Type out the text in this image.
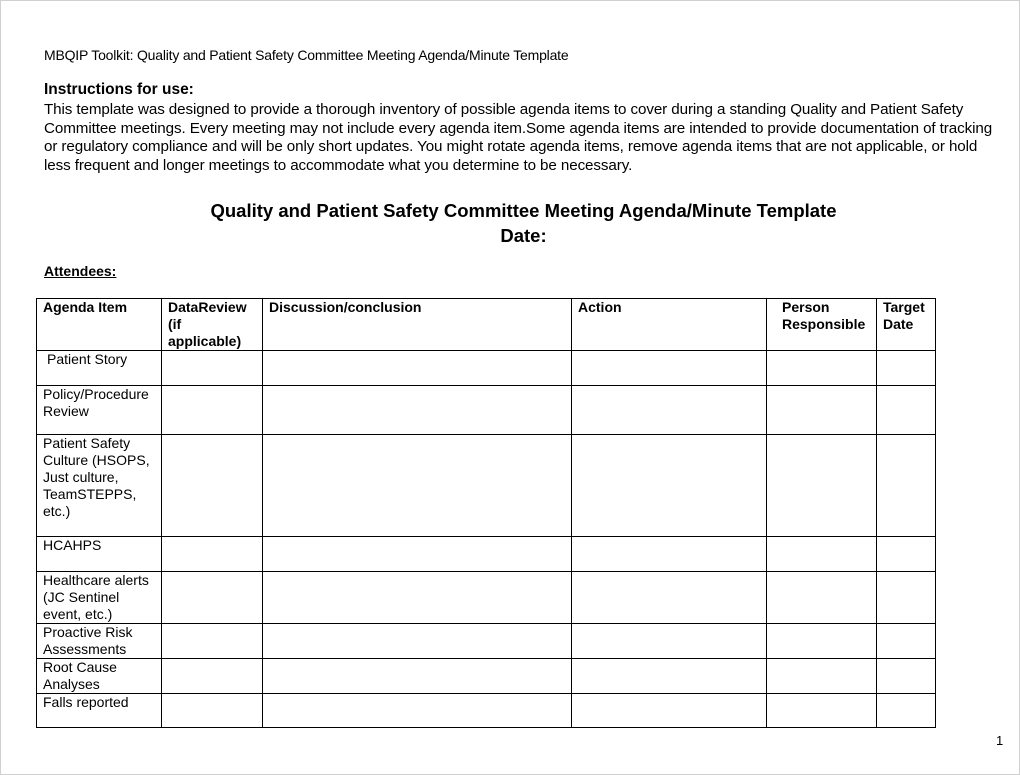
MBQIP Toolkit: Quality and Patient Safety Committee Meeting Agenda/Minute Template
Instructions for use:
This template was designed to provide a thorough inventory of possible agenda items to cover during a standing Quality and Patient Safety Committee meetings. Every meeting may not include every agenda item.Some agenda items are intended to provide documentation of tracking or regulatory compliance and will be only short updates. You might rotate agenda items, remove agenda items that are not applicable, or hold less frequent and longer meetings to accommodate what you determine to be necessary.
Quality and Patient Safety Committee Meeting Agenda/Minute Template
Date:
Attendees:
Agenda Item	DataReview (if applicable)	Discussion/conclusion	Action	Person Responsible	Target Date
Patient Story					
Policy/Procedure Review					
Patient Safety Culture (HSOPS, Just culture, TeamSTEPPS, etc.)					
HCAHPS					
Healthcare alerts (JC Sentinel event, etc.)					
Proactive Risk Assessments					
Root Cause Analyses					
Falls reported					
1
